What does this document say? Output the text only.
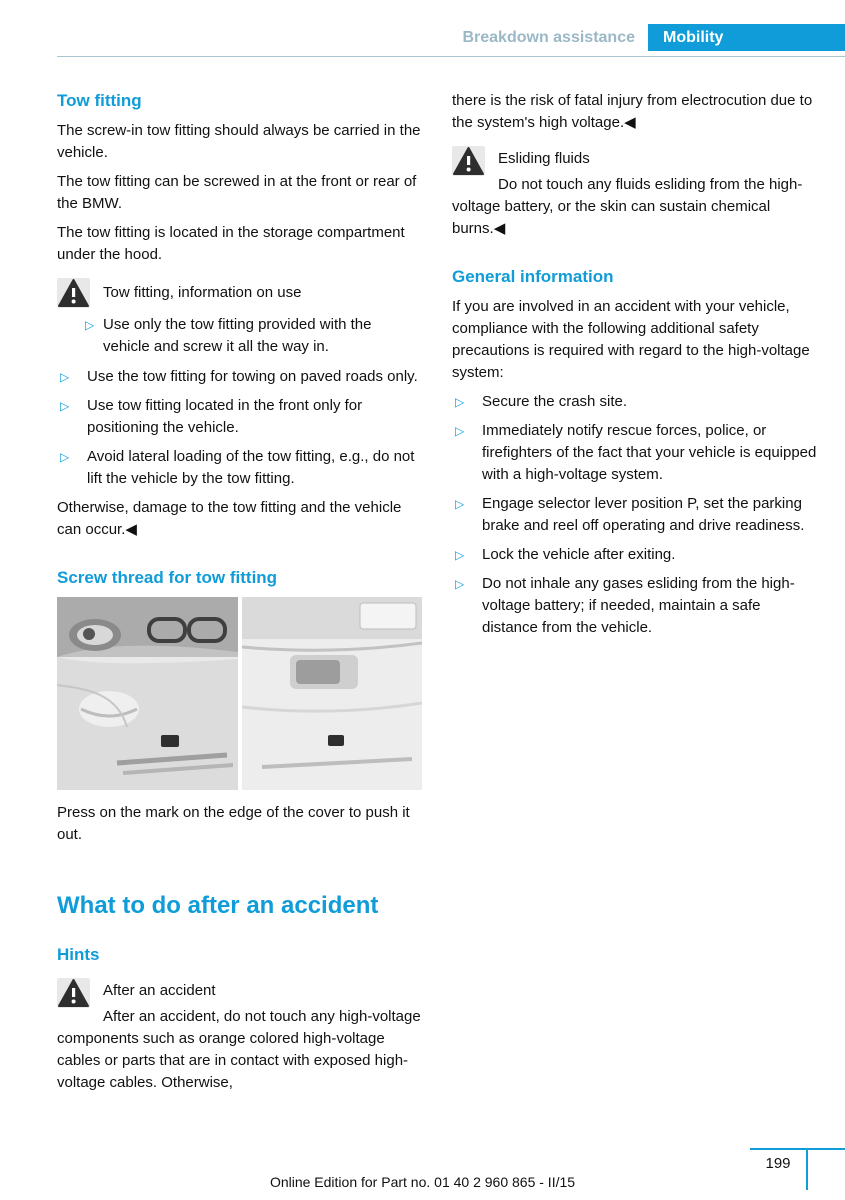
Breakdown assistance	Mobility
Tow fitting

The screw-in tow fitting should always be carried in the vehicle.

The tow fitting can be screwed in at the front or rear of the BMW.

The tow fitting is located in the storage compartment under the hood.

Tow fitting, information on use
▷ Use only the tow fitting provided with the vehicle and screw it all the way in.
▷	Use the tow fitting for towing on paved roads only.
▷	Use tow fitting located in the front only for positioning the vehicle.
▷	Avoid lateral loading of the tow fitting, e.g., do not lift the vehicle by the tow fitting.

Otherwise, damage to the tow fitting and the vehicle can occur.◀

Screw thread for tow fitting

Press on the mark on the edge of the cover to push it out.

What to do after an accident
Hints
After an accident
After an accident, do not touch any high-voltage components such as orange colored high-voltage cables or parts that are in contact with exposed high-voltage cables. Otherwise,

there is the risk of fatal injury from electrocution due to the system's high voltage.◀

Esliding fluids
Do not touch any fluids esliding from the high-voltage battery, or the skin can sustain chemical burns.◀
General information

If you are involved in an accident with your vehicle, compliance with the following additional safety precautions is required with regard to the high-voltage system:

▷	Secure the crash site.
▷	Immediately notify rescue forces, police, or firefighters of the fact that your vehicle is equipped with a high-voltage system.
▷	Engage selector lever position P, set the parking brake and reel off operating and drive readiness.
▷	Lock the vehicle after exiting.
▷	Do not inhale any gases esliding from the high-voltage battery; if needed, maintain a safe distance from the vehicle.
Online Edition for Part no. 01 40 2 960 865 - II/15
199
